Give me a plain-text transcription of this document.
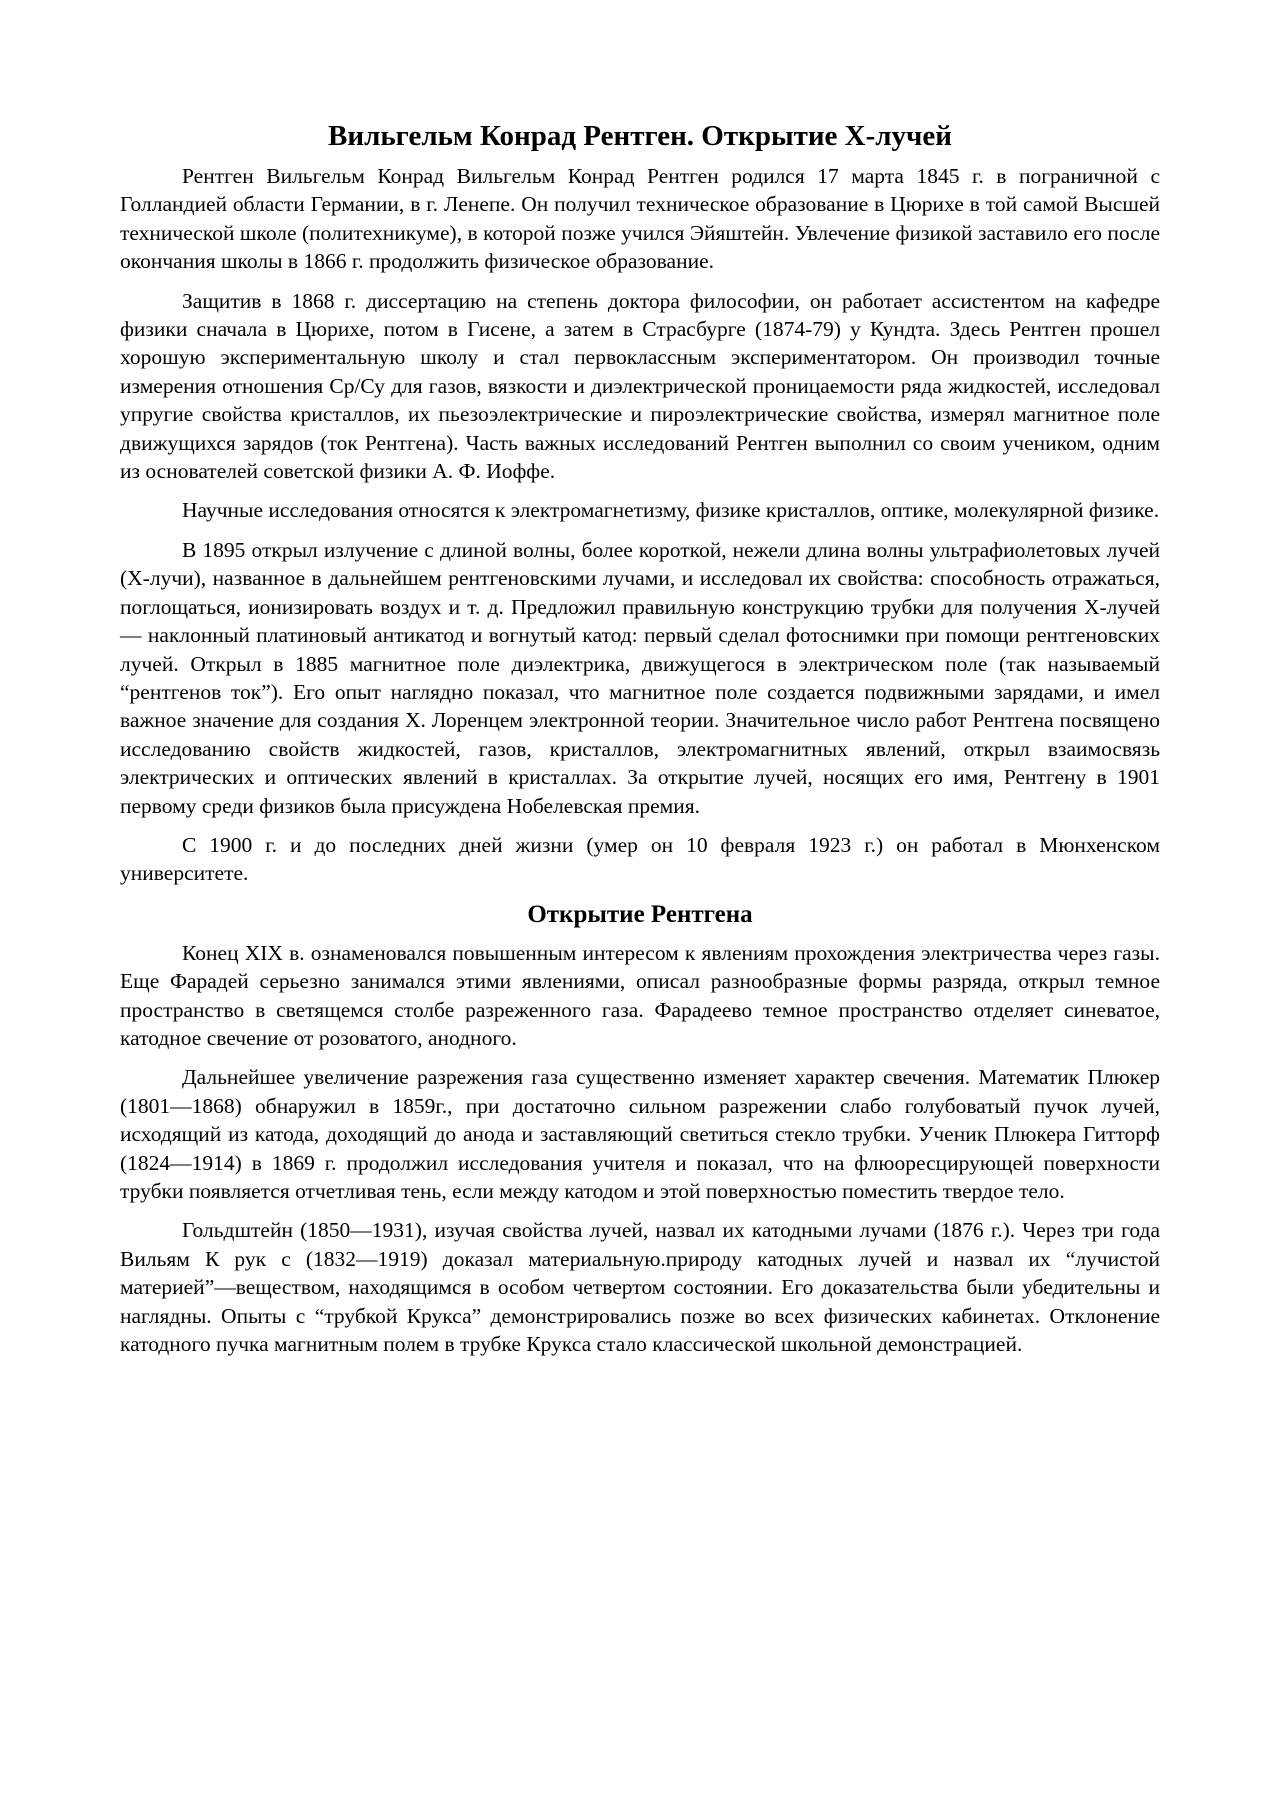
Вильгельм Конрад Рентген. Открытие X-лучей

Рентген Вильгельм Конрад Вильгельм Конрад Рентген родился 17 марта 1845 г. в пограничной с Голландией области Германии, в г. Ленепе. Он получил техническое образование в Цюрихе в той самой Высшей технической школе (политехникуме), в которой позже учился Эйяштейн. Увлечение физикой заставило его после окончания школы в 1866 г. продолжить физическое образование.

Защитив в 1868 г. диссертацию на степень доктора философии, он работает ассистентом на кафедре физики сначала в Цюрихе, потом в Гисене, а затем в Страсбурге (1874-79) у Кундта. Здесь Рентген прошел хорошую экспериментальную школу и стал первоклассным экспериментатором. Он производил точные измерения отношения Ср/Су для газов, вязкости и диэлектрической проницаемости ряда жидкостей, исследовал упругие свойства кристаллов, их пьезоэлектрические и пироэлектрические свойства, измерял магнитное поле движущихся зарядов (ток Рентгена). Часть важных исследований Рентген выполнил со своим учеником, одним из основателей советской физики А. Ф. Иоффе.

Научные исследования относятся к электромагнетизму, физике кристаллов, оптике, молекулярной физике.

В 1895 открыл излучение с длиной волны, более короткой, нежели длина волны ультрафиолетовых лучей (X-лучи), названное в дальнейшем рентгеновскими лучами, и исследовал их свойства: способность отражаться, поглощаться, ионизировать воздух и т. д. Предложил правильную конструкцию трубки для получения X-лучей — наклонный платиновый антикатод и вогнутый катод: первый сделал фотоснимки при помощи рентгеновских лучей. Открыл в 1885 магнитное поле диэлектрика, движущегося в электрическом поле (так называемый “рентгенов ток”). Его опыт наглядно показал, что магнитное поле создается подвижными зарядами, и имел важное значение для создания X. Лоренцем электронной теории. Значительное число работ Рентгена посвящено исследованию свойств жидкостей, газов, кристаллов, электромагнитных явлений, открыл взаимосвязь электрических и оптических явлений в кристаллах. За открытие лучей, носящих его имя, Рентгену в 1901 первому среди физиков была присуждена Нобелевская премия.

С 1900 г. и до последних дней жизни (умер он 10 февраля 1923 г.) он работал в Мюнхенском университете.

Открытие Рентгена

Конец XIX в. ознаменовался повышенным интересом к явлениям прохождения электричества через газы. Еще Фарадей серьезно занимался этими явлениями, описал разнообразные формы разряда, открыл темное пространство в светящемся столбе разреженного газа. Фарадеево темное пространство отделяет синеватое, катодное свечение от розоватого, анодного.

Дальнейшее увеличение разрежения газа существенно изменяет характер свечения. Математик Плюкер (1801—1868) обнаружил в 1859г., при достаточно сильном разрежении слабо голубоватый пучок лучей, исходящий из катода, доходящий до анода и заставляющий светиться стекло трубки. Ученик Плюкера Гитторф (1824—1914) в 1869 г. продолжил исследования учителя и показал, что на флюоресцирующей поверхности трубки появляется отчетливая тень, если между катодом и этой поверхностью поместить твердое тело.

Гольдштейн (1850—1931), изучая свойства лучей, назвал их катодными лучами (1876 г.). Через три года Вильям К рук с (1832—1919) доказал материальную.природу катодных лучей и назвал их “лучистой материей”—веществом, находящимся в особом четвертом состоянии. Его доказательства были убедительны и наглядны. Опыты с “трубкой Крукса” демонстрировались позже во всех физических кабинетах. Отклонение катодного пучка магнитным полем в трубке Крукса стало классической школьной демонстрацией.
